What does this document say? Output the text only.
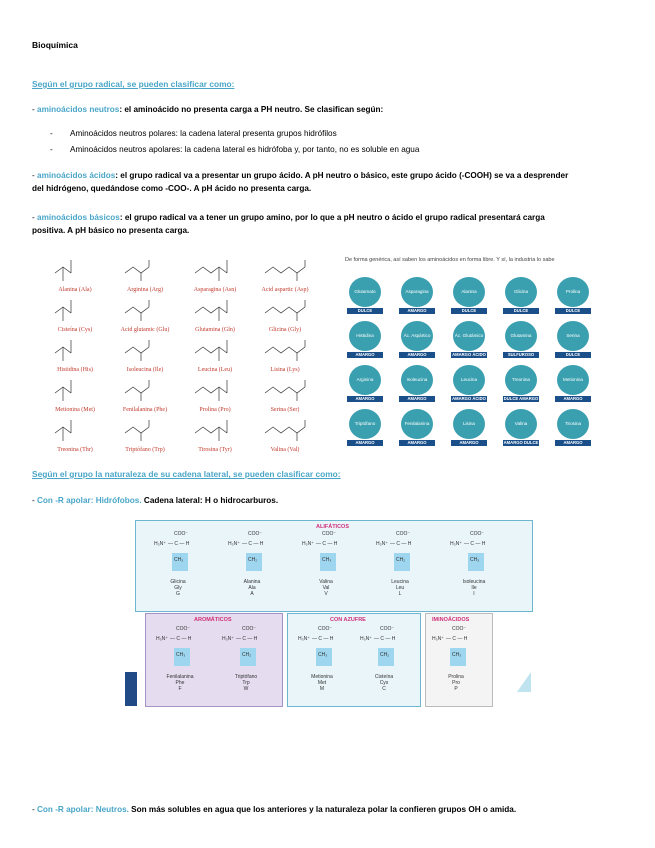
Bioquímica
Según el grupo radical, se pueden clasificar como:
- aminoácidos neutros: el aminoácido no presenta carga a PH neutro. Se clasifican según:
- Aminoácidos neutros polares: la cadena lateral presenta grupos hidrófilos
- Aminoácidos neutros apolares: la cadena lateral es hidrófoba y, por tanto, no es soluble en agua
- aminoácidos ácidos: el grupo radical va a presentar un grupo ácido. A pH neutro o básico, este grupo ácido (-COOH) se va a desprender
del hidrógeno, quedándose como -COO-. A pH ácido no presenta carga.
- aminoácidos básicos: el grupo radical va a tener un grupo amino, por lo que a pH neutro o ácido el grupo radical presentará carga
positiva. A pH básico no presenta carga.
Alanina (Ala)	Arginina (Arg)	Asparagina (Asn)	Acid aspartic (Asp)
Cisteína (Cys)	Acid glutamic (Glu)	Glutamina (Gln)	Glicina (Gly)
Histidina (His)	Isoleucina (Ile)	Leucina (Leu)	Lisina (Lys)
Metionina (Met)	Fenilalanina (Phe)	Prolina (Pro)	Serina (Ser)
Treonina (Thr)	Triptófano (Trp)	Tirosina (Tyr)	Valina (Val)
De forma genérica, así saben los aminoácidos en forma libre. Y sí, la industria lo sabe
Glutamato
DULCE
Asparagina
AMARGO
Alanina
DULCE
Glicina
DULCE
Prolina
DULCE
Histidina
AMARGO
Ác. Aspártico
AMARGO SALADO ÁCIDO
Ác. Glutámico
AMARGO ÁCIDO SALADO
Glutamina
SULFUROSO
Serina
DULCE
Arginina
AMARGO
Isoleucina
AMARGO
Leucina
AMARGO ÁCIDO SALADO
Treonina
DULCE AMARGO
Metionina
AMARGO
Triptófano
AMARGO
Fenilalanina
AMARGO
Lisina
AMARGO
Valina
AMARGO DULCE
Tirosina
AMARGO
Según el grupo la naturaleza de su cadena lateral, se pueden clasificar como:
- Con -R apolar: Hidrófobos. Cadena lateral: H o hidrocarburos.
ALIFÁTICOS
COO⁻
H₃N⁺ — C — H
CH₃
Glicina
Gly
G
COO⁻
H₃N⁺ — C — H
CH₂
Alanina
Ala
A
COO⁻
H₃N⁺ — C — H
CH₃
Valina
Val
V
COO⁻
H₃N⁺ — C — H
CH₂
Leucina
Leu
L
COO⁻
H₃N⁺ — C — H
CH₃
Isoleucina
Ile
I
AROMÁTICOS
COO⁻
H₃N⁺ — C — H
CH₃
Fenilalanina
Phe
F
COO⁻
H₃N⁺ — C — H
CH₂
Triptófano
Trp
W
CON AZUFRE
COO⁻
H₃N⁺ — C — H
CH₃
Metionina
Met
M
COO⁻
H₃N⁺ — C — H
CH₂
Cisteína
Cys
C
IMINOÁCIDOS
COO⁻
H₃N⁺ — C — H
CH₃
Prolina
Pro
P
- Con -R apolar: Neutros. Son más solubles en agua que los anteriores y la naturaleza polar la confieren grupos OH o amida.
